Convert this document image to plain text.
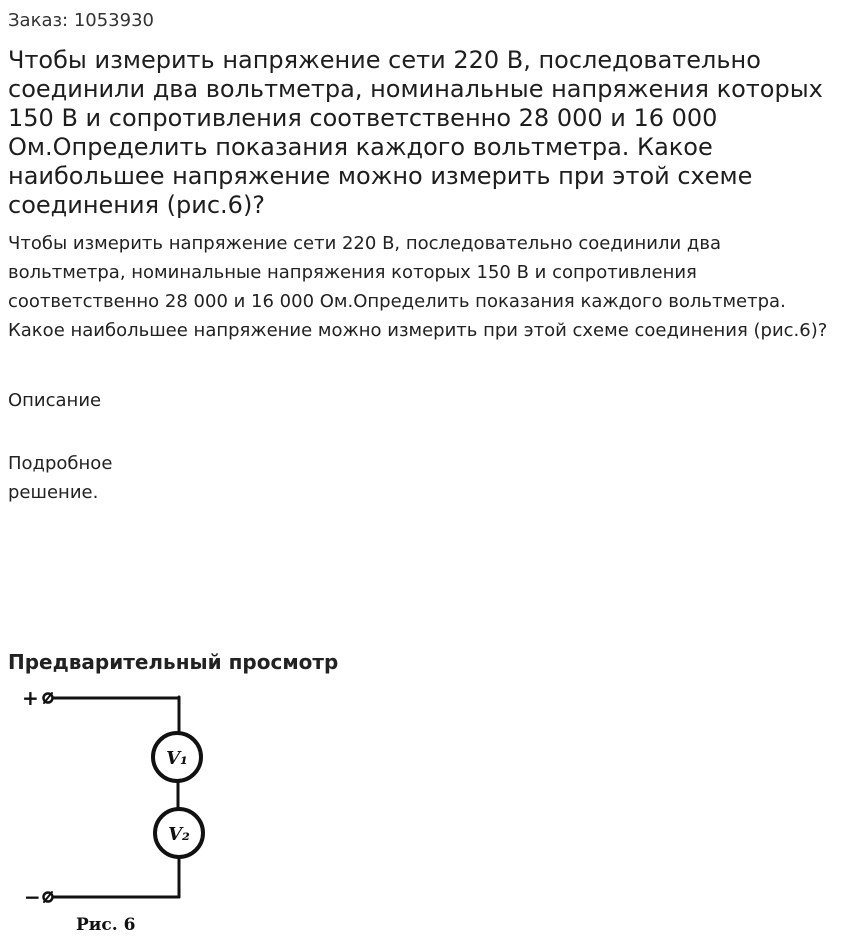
Заказ: 1053930
Чтобы измерить напряжение сети 220 В, последовательно соединили два вольтметра, номинальные напряжения которых 150 В и сопротивления соответственно 28 000 и 16 000 Ом.Определить показания каждого вольтметра. Какое наибольшее напряжение можно измерить при этой схеме соединения (рис.6)?

Чтобы измерить напряжение сети 220 В, последовательно соединили два вольтметра, номинальные напряжения которых 150 В и сопротивления соответственно 28 000 и 16 000 Ом.Определить показания каждого вольтметра. Какое наибольшее напряжение можно измерить при этой схеме соединения (рис.6)?

Описание

Подробное решение.

Предварительный просмотр
+
−
V₁
V₂
Рис. 6
